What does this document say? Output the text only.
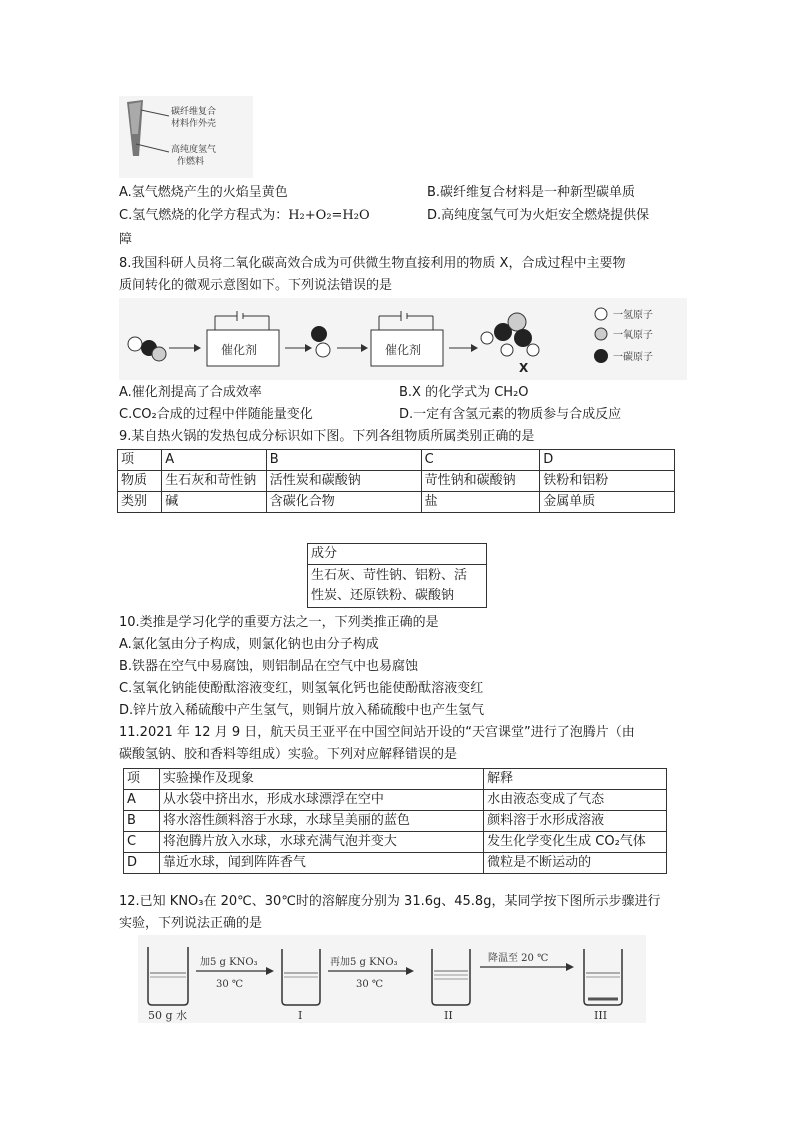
碳纤维复合
材料作外壳
高纯度氢气
作燃料
A.氢气燃烧产生的火焰呈黄色	B.碳纤维复合材料是一种新型碳单质
C.氢气燃烧的化学方程式为：H₂+O₂=H₂O	D.高纯度氢气可为火炬安全燃烧提供保
障
8.我国科研人员将二氧化碳高效合成为可供微生物直接利用的物质 X，合成过程中主要物
质间转化的微观示意图如下。下列说法错误的是
催化剂	催化剂
X
一氢原子
一氧原子
一碳原子
A.催化剂提高了合成效率	B.X 的化学式为 CH₂O
C.CO₂合成的过程中伴随能量变化	D.一定有含氢元素的物质参与合成反应
9.某自热火锅的发热包成分标识如下图。下列各组物质所属类别正确的是
项	A	B	C	D
物质	生石灰和苛性钠	活性炭和碳酸钠	苛性钠和碳酸钠	铁粉和铝粉
类别	碱	含碳化合物	盐	金属单质
成分

生石灰、苛性钠、铝粉、活
性炭、还原铁粉、碳酸钠
10.类推是学习化学的重要方法之一，下列类推正确的是
A.氯化氢由分子构成，则氯化钠也由分子构成
B.铁器在空气中易腐蚀，则铝制品在空气中也易腐蚀
C.氢氧化钠能使酚酞溶液变红，则氢氧化钙也能使酚酞溶液变红
D.锌片放入稀硫酸中产生氢气，则铜片放入稀硫酸中也产生氢气
11.2021 年 12 月 9 日，航天员王亚平在中国空间站开设的“天宫课堂”进行了泡腾片（由
碳酸氢钠、胶和香料等组成）实验。下列对应解释错误的是
项	实验操作及现象	解释
A	从水袋中挤出水，形成水球漂浮在空中	水由液态变成了气态
B	将水溶性颜料溶于水球，水球呈美丽的蓝色	颜料溶于水形成溶液
C	将泡腾片放入水球，水球充满气泡并变大	发生化学变化生成 CO₂气体
D	靠近水球，闻到阵阵香气	微粒是不断运动的
12.已知 KNO₃在 20℃、30℃时的溶解度分别为 31.6g、45.8g，某同学按下图所示步骤进行
实验，下列说法正确的是
50 g 水
加5 g KNO₃
30 ℃
I
再加5 g KNO₃
30 ℃
II
降温至 20 ℃
III
